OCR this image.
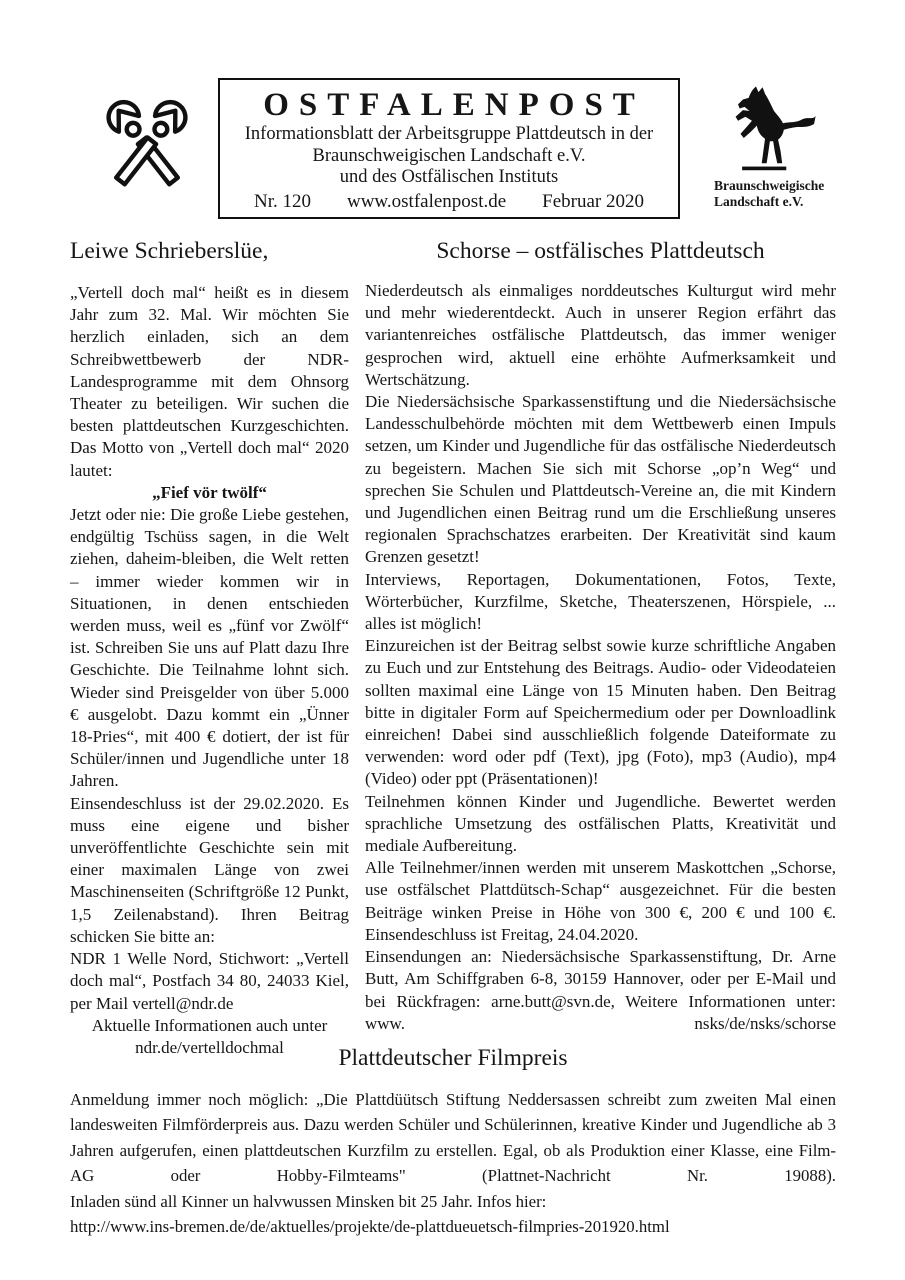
OSTFALENPOST
Informationsblatt der Arbeitsgruppe Plattdeutsch in der
Braunschweigischen Landschaft e.V.
und des Ostfälischen Instituts
Nr. 120 www.ostfalenpost.de Februar 2020
Braunschweigische
Landschaft e.V.
Leiwe Schrieberslüe,

„Vertell doch mal“ heißt es in diesem Jahr zum 32. Mal. Wir möchten Sie herzlich einladen, sich an dem Schreibwettbewerb der NDR-Landesprogramme mit dem Ohnsorg Theater zu beteiligen. Wir suchen die besten plattdeutschen Kurzgeschichten. Das Motto von „Vertell doch mal“ 2020 lautet:

„Fief vör twölf“

Jetzt oder nie: Die große Liebe gestehen, endgültig Tschüss sagen, in die Welt ziehen, daheim-bleiben, die Welt retten – immer wieder kommen wir in Situationen, in denen entschieden werden muss, weil es „fünf vor Zwölf“ ist. Schreiben Sie uns auf Platt dazu Ihre Geschichte. Die Teilnahme lohnt sich. Wieder sind Preisgelder von über 5.000 € ausgelobt. Dazu kommt ein „Ünner 18-Pries“, mit 400 € dotiert, der ist für Schüler/innen und Jugendliche unter 18 Jahren.

Einsendeschluss ist der 29.02.2020. Es muss eine eigene und bisher unveröffentlichte Geschichte sein mit einer maximalen Länge von zwei Maschinenseiten (Schriftgröße 12 Punkt, 1,5 Zeilenabstand). Ihren Beitrag schicken Sie bitte an:

NDR 1 Welle Nord, Stichwort: „Vertell doch mal“, Postfach 34 80, 24033 Kiel, per Mail vertell@ndr.de

Aktuelle Informationen auch unter

ndr.de/vertelldochmal

Schorse – ostfälisches Plattdeutsch

Niederdeutsch als einmaliges norddeutsches Kulturgut wird mehr und mehr wiederentdeckt. Auch in unserer Region erfährt das variantenreiches ostfälische Plattdeutsch, das immer weniger gesprochen wird, aktuell eine erhöhte Aufmerksamkeit und Wertschätzung.

Die Niedersächsische Sparkassenstiftung und die Niedersächsische Landesschulbehörde möchten mit dem Wettbewerb einen Impuls setzen, um Kinder und Jugendliche für das ostfälische Niederdeutsch zu begeistern. Machen Sie sich mit Schorse „op’n Weg“ und sprechen Sie Schulen und Plattdeutsch-Vereine an, die mit Kindern und Jugendlichen einen Beitrag rund um die Erschließung unseres regionalen Sprachschatzes erarbeiten. Der Kreativität sind kaum Grenzen gesetzt!

Interviews, Reportagen, Dokumentationen, Fotos, Texte, Wörterbücher, Kurzfilme, Sketche, Theaterszenen, Hörspiele, ... alles ist möglich!

Einzureichen ist der Beitrag selbst sowie kurze schriftliche Angaben zu Euch und zur Entstehung des Beitrags. Audio- oder Videodateien sollten maximal eine Länge von 15 Minuten haben. Den Beitrag bitte in digitaler Form auf Speichermedium oder per Downloadlink einreichen! Dabei sind ausschließlich folgende Dateiformate zu verwenden: word oder pdf (Text), jpg (Foto), mp3 (Audio), mp4 (Video) oder ppt (Präsentationen)!

Teilnehmen können Kinder und Jugendliche. Bewertet werden sprachliche Umsetzung des ostfälischen Platts, Kreativität und mediale Aufbereitung.

Alle Teilnehmer/innen werden mit unserem Maskottchen „Schorse, use ostfälschet Plattdütsch-Schap“ ausgezeichnet. Für die besten Beiträge winken Preise in Höhe von 300 €, 200 € und 100 €. Einsendeschluss ist Freitag, 24.04.2020.

Einsendungen an: Niedersächsische Sparkassenstiftung, Dr. Arne Butt, Am Schiffgraben 6-8, 30159 Hannover, oder per E-Mail und bei Rückfragen: arne.butt@svn.de, Weitere Informationen unter: www. nsks/de/nsks/schorse

Plattdeutscher Filmpreis

Anmeldung immer noch möglich: „Die Plattdüütsch Stiftung Neddersassen schreibt zum zweiten Mal einen landesweiten Filmförderpreis aus. Dazu werden Schüler und Schülerinnen, kreative Kinder und Jugendliche ab 3 Jahren aufgerufen, einen plattdeutschen Kurzfilm zu erstellen. Egal, ob als Produktion einer Klasse, eine Film-AG oder Hobby-Filmteams" (Plattnet-Nachricht Nr. 19088).

Inladen sünd all Kinner un halvwussen Minsken bit 25 Jahr. Infos hier:

http://www.ins-bremen.de/de/aktuelles/projekte/de-plattdueuetsch-filmpries-201920.html
